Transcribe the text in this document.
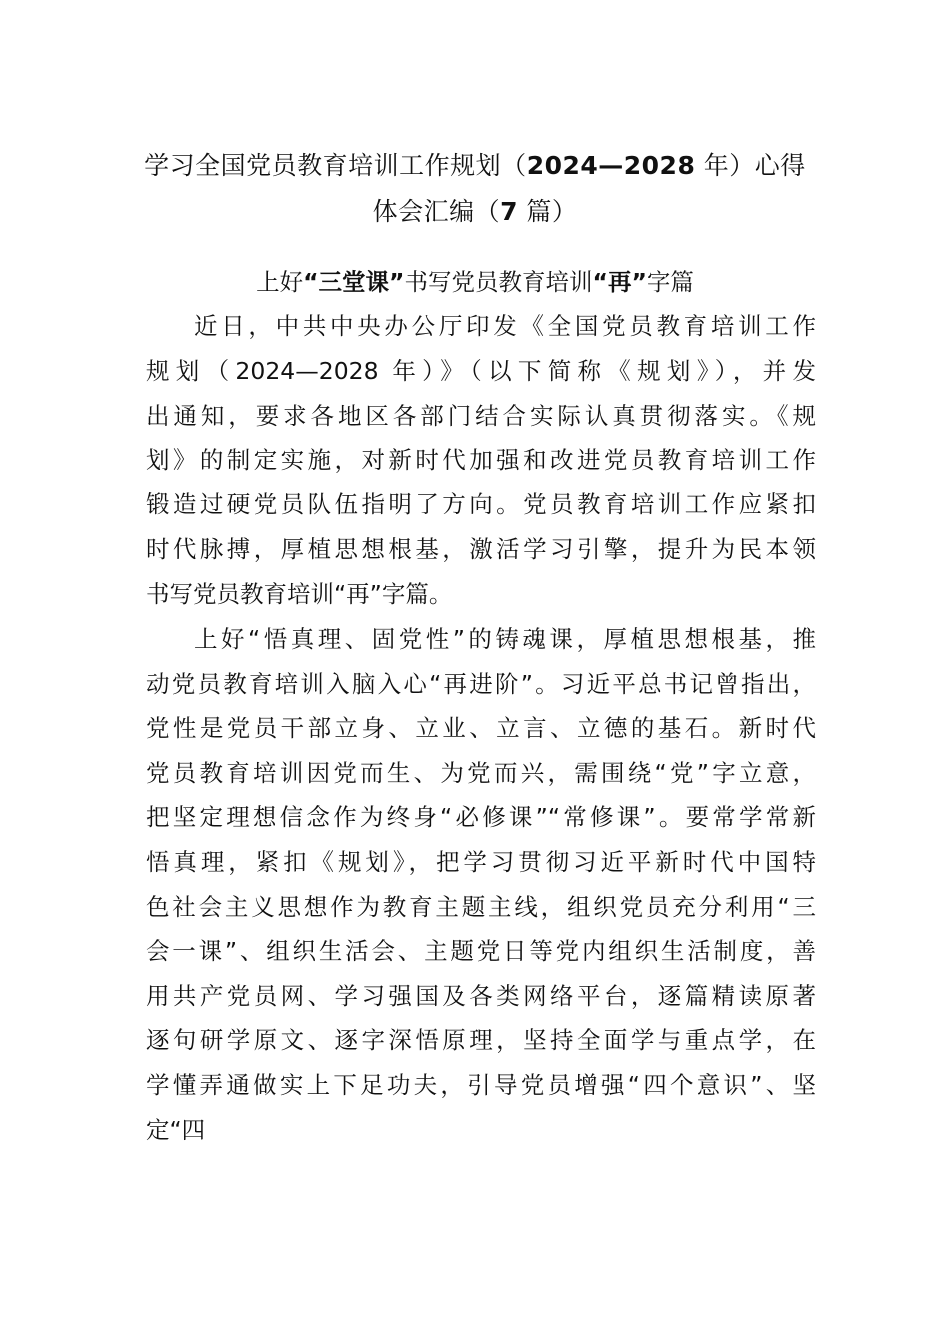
学习全国党员教育培训工作规划（2024—2028 年）心得
体会汇编（7 篇）
上好“三堂课”书写党员教育培训“再”字篇
近日，中共中央办公厅印发《全国党员教育培训工作
规划（2024—2028 年）》（以下简称《规划》），并发
出通知，要求各地区各部门结合实际认真贯彻落实。《规
划》的制定实施，对新时代加强和改进党员教育培训工作
锻造过硬党员队伍指明了方向。党员教育培训工作应紧扣
时代脉搏，厚植思想根基，激活学习引擎，提升为民本领
书写党员教育培训“再”字篇。
上好“悟真理、固党性”的铸魂课，厚植思想根基，推
动党员教育培训入脑入心“再进阶”。习近平总书记曾指出，
党性是党员干部立身、立业、立言、立德的基石。新时代
党员教育培训因党而生、为党而兴，需围绕“党”字立意，
把坚定理想信念作为终身“必修课”“常修课”。要常学常新
悟真理，紧扣《规划》，把学习贯彻习近平新时代中国特
色社会主义思想作为教育主题主线，组织党员充分利用“三
会一课”、组织生活会、主题党日等党内组织生活制度，善
用共产党员网、学习强国及各类网络平台，逐篇精读原著
逐句研学原文、逐字深悟原理，坚持全面学与重点学，在
学懂弄通做实上下足功夫，引导党员增强“四个意识”、坚
定“四
